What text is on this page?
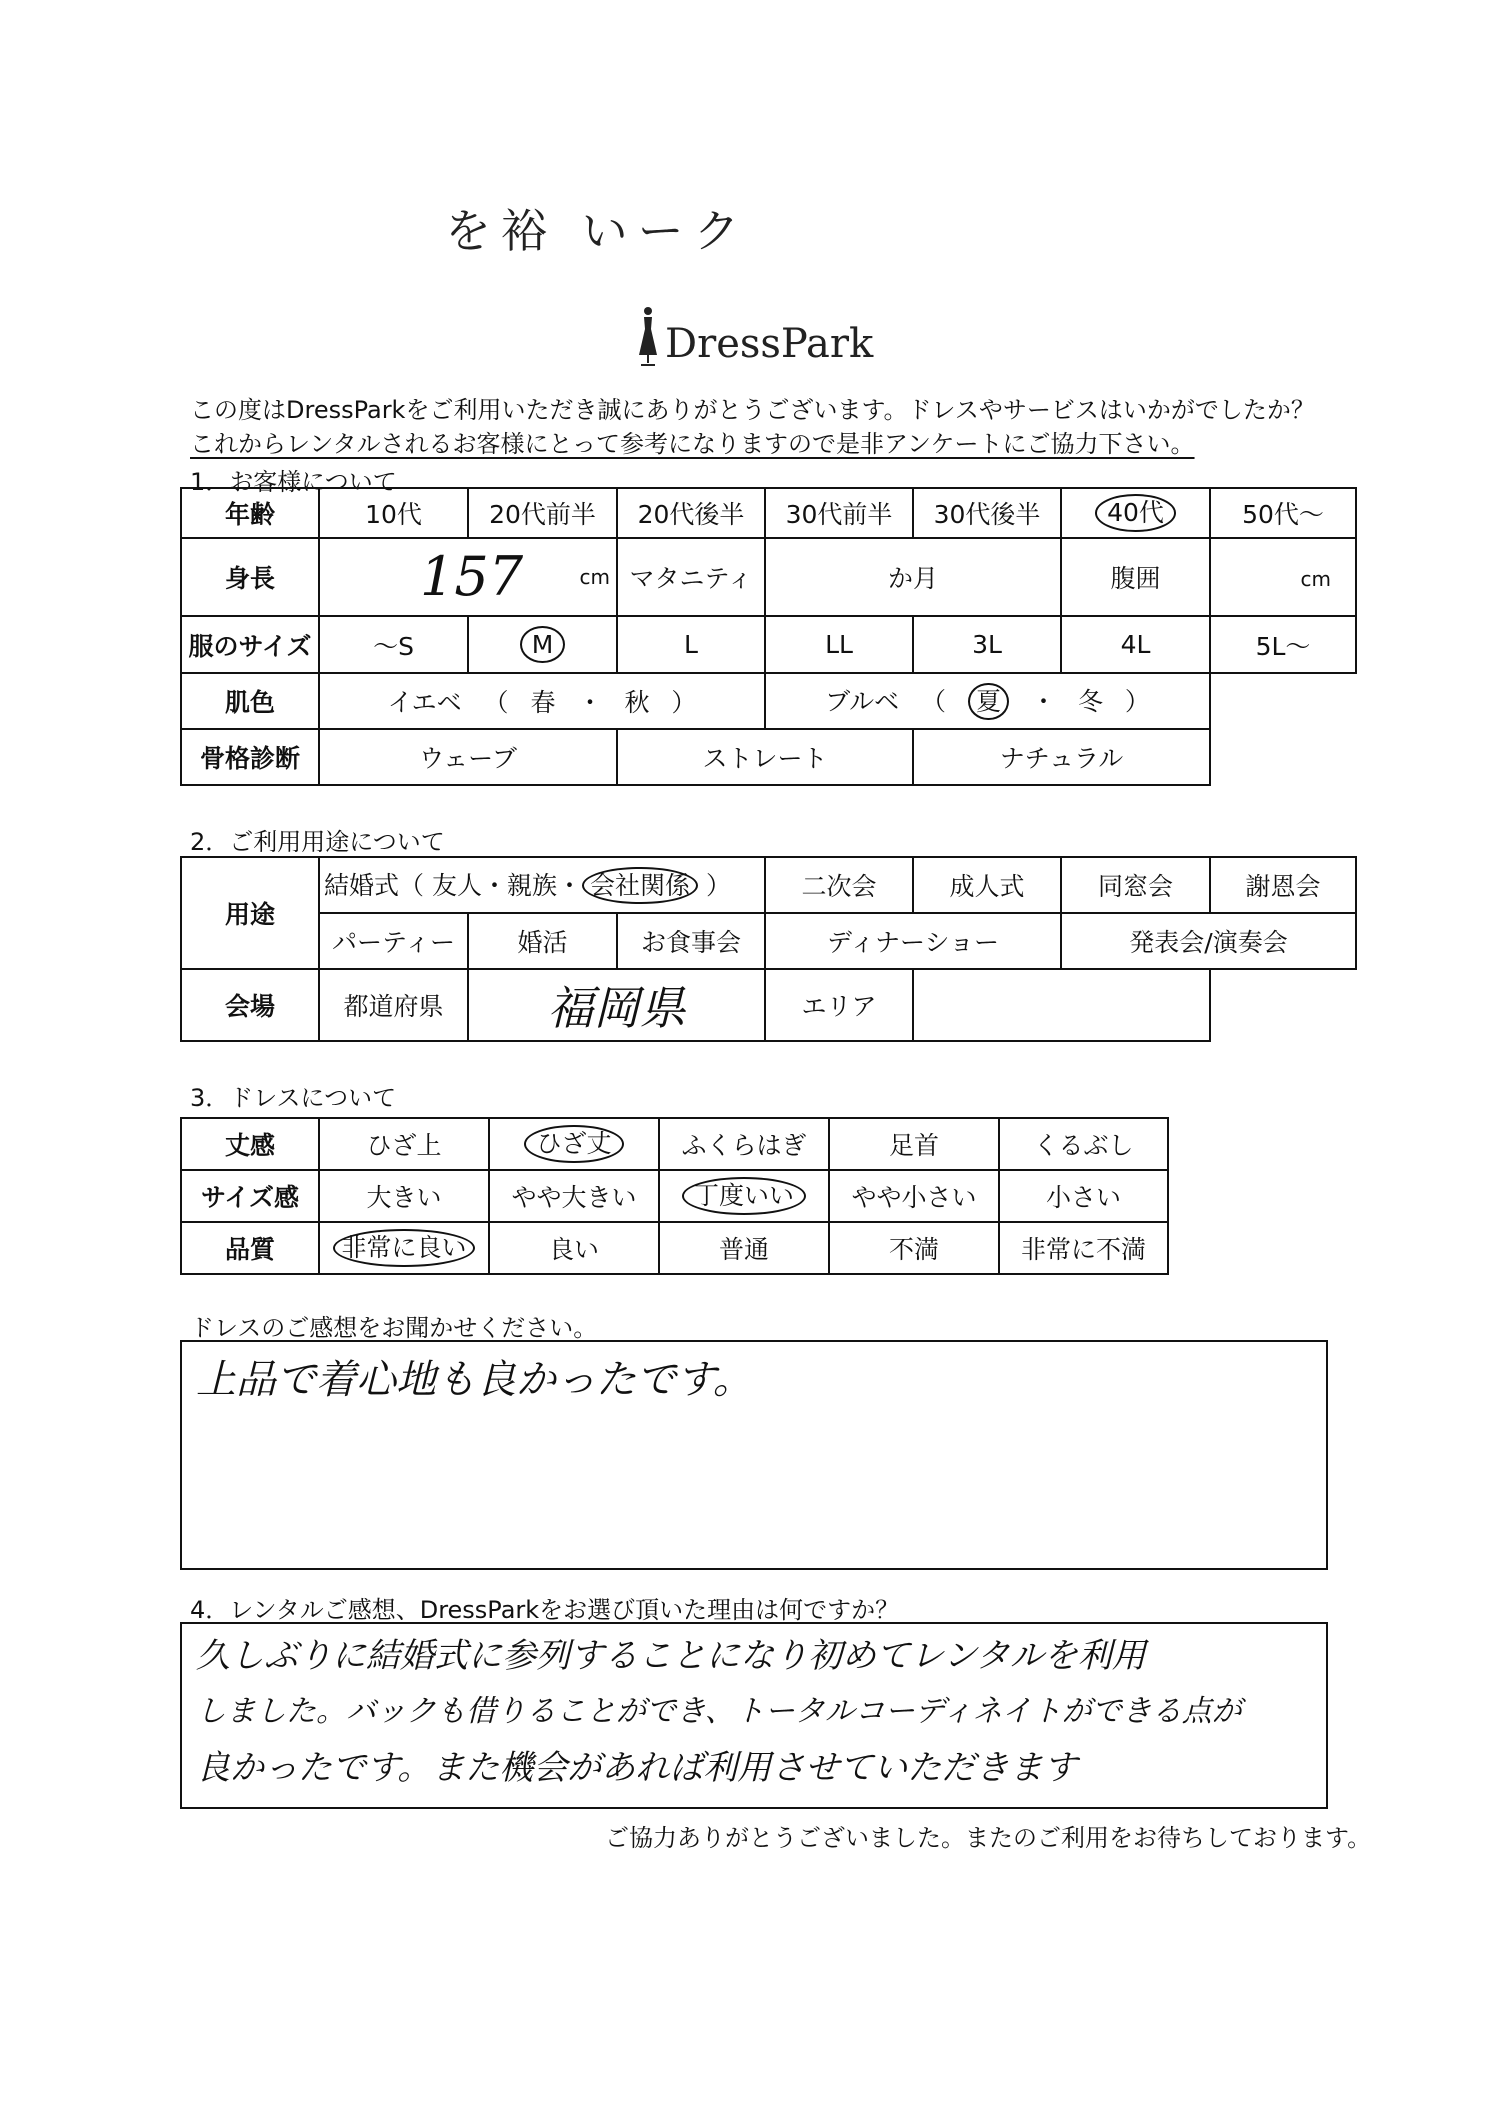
を裕 いーク
DressPark
この度はDressParkをご利用いただき誠にありがとうございます。ドレスやサービスはいかがでしたか？
これからレンタルされるお客様にとって参考になりますので是非アンケートにご協力下さい。
1．お客様について
年齢	10代	20代前半	20代後半	30代前半	30代後半	40代	50代〜
身長	157 cm		マタニティ	か月		腹囲	cm
服のサイズ	〜S	M	L	LL	3L	4L	5L〜
肌色	イエベ （ 春 ・ 秋 ）			ブルベ （ 夏 ・ 冬 ）			
骨格診断	ウェーブ		ストレート		ナチュラル		
2．ご利用用途について
用途	結婚式（ 友人・親族・ 会社関係 ）			二次会	成人式	同窓会	謝恩会
	パーティー	婚活	お食事会	ディナーショー		発表会/演奏会	
会場	都道府県	福岡県		エリア			
3．ドレスについて
丈感	ひざ上	ひざ丈	ふくらはぎ	足首	くるぶし
サイズ感	大きい	やや大きい	丁度いい	やや小さい	小さい
品質	非常に良い	良い	普通	不満	非常に不満
ドレスのご感想をお聞かせください。
上品で着心地も良かったです。
4．レンタルご感想、DressParkをお選び頂いた理由は何ですか？
久しぶりに結婚式に参列することになり初めてレンタルを利用
しました。バックも借りることができ、トータルコーディネイトができる点が
良かったです。また機会があれば利用させていただきます
ご協力ありがとうございました。またのご利用をお待ちしております。
